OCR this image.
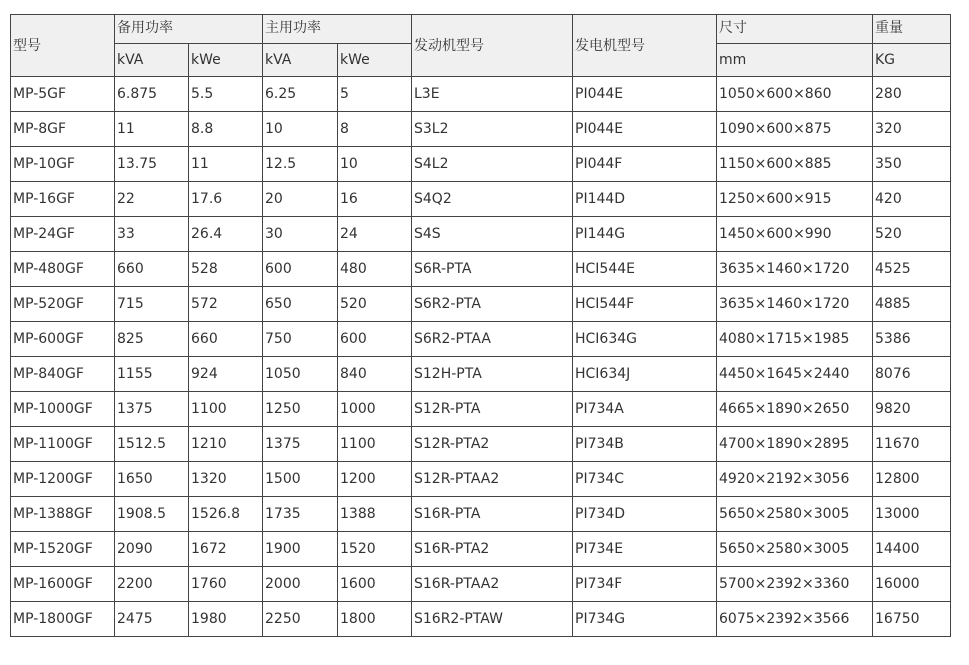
型号	备用功率		主用功率		发动机型号	发电机型号	尺寸	重量
	kVA	kWe	kVA	kWe			mm	KG
MP-5GF	6.875	5.5	6.25	5	L3E	PI044E	1050×600×860	280
MP-8GF	11	8.8	10	8	S3L2	PI044E	1090×600×875	320
MP-10GF	13.75	11	12.5	10	S4L2	PI044F	1150×600×885	350
MP-16GF	22	17.6	20	16	S4Q2	PI144D	1250×600×915	420
MP-24GF	33	26.4	30	24	S4S	PI144G	1450×600×990	520
MP-480GF	660	528	600	480	S6R-PTA	HCI544E	3635×1460×1720	4525
MP-520GF	715	572	650	520	S6R2-PTA	HCI544F	3635×1460×1720	4885
MP-600GF	825	660	750	600	S6R2-PTAA	HCI634G	4080×1715×1985	5386
MP-840GF	1155	924	1050	840	S12H-PTA	HCI634J	4450×1645×2440	8076
MP-1000GF	1375	1100	1250	1000	S12R-PTA	PI734A	4665×1890×2650	9820
MP-1100GF	1512.5	1210	1375	1100	S12R-PTA2	PI734B	4700×1890×2895	11670
MP-1200GF	1650	1320	1500	1200	S12R-PTAA2	PI734C	4920×2192×3056	12800
MP-1388GF	1908.5	1526.8	1735	1388	S16R-PTA	PI734D	5650×2580×3005	13000
MP-1520GF	2090	1672	1900	1520	S16R-PTA2	PI734E	5650×2580×3005	14400
MP-1600GF	2200	1760	2000	1600	S16R-PTAA2	PI734F	5700×2392×3360	16000
MP-1800GF	2475	1980	2250	1800	S16R2-PTAW	PI734G	6075×2392×3566	16750
